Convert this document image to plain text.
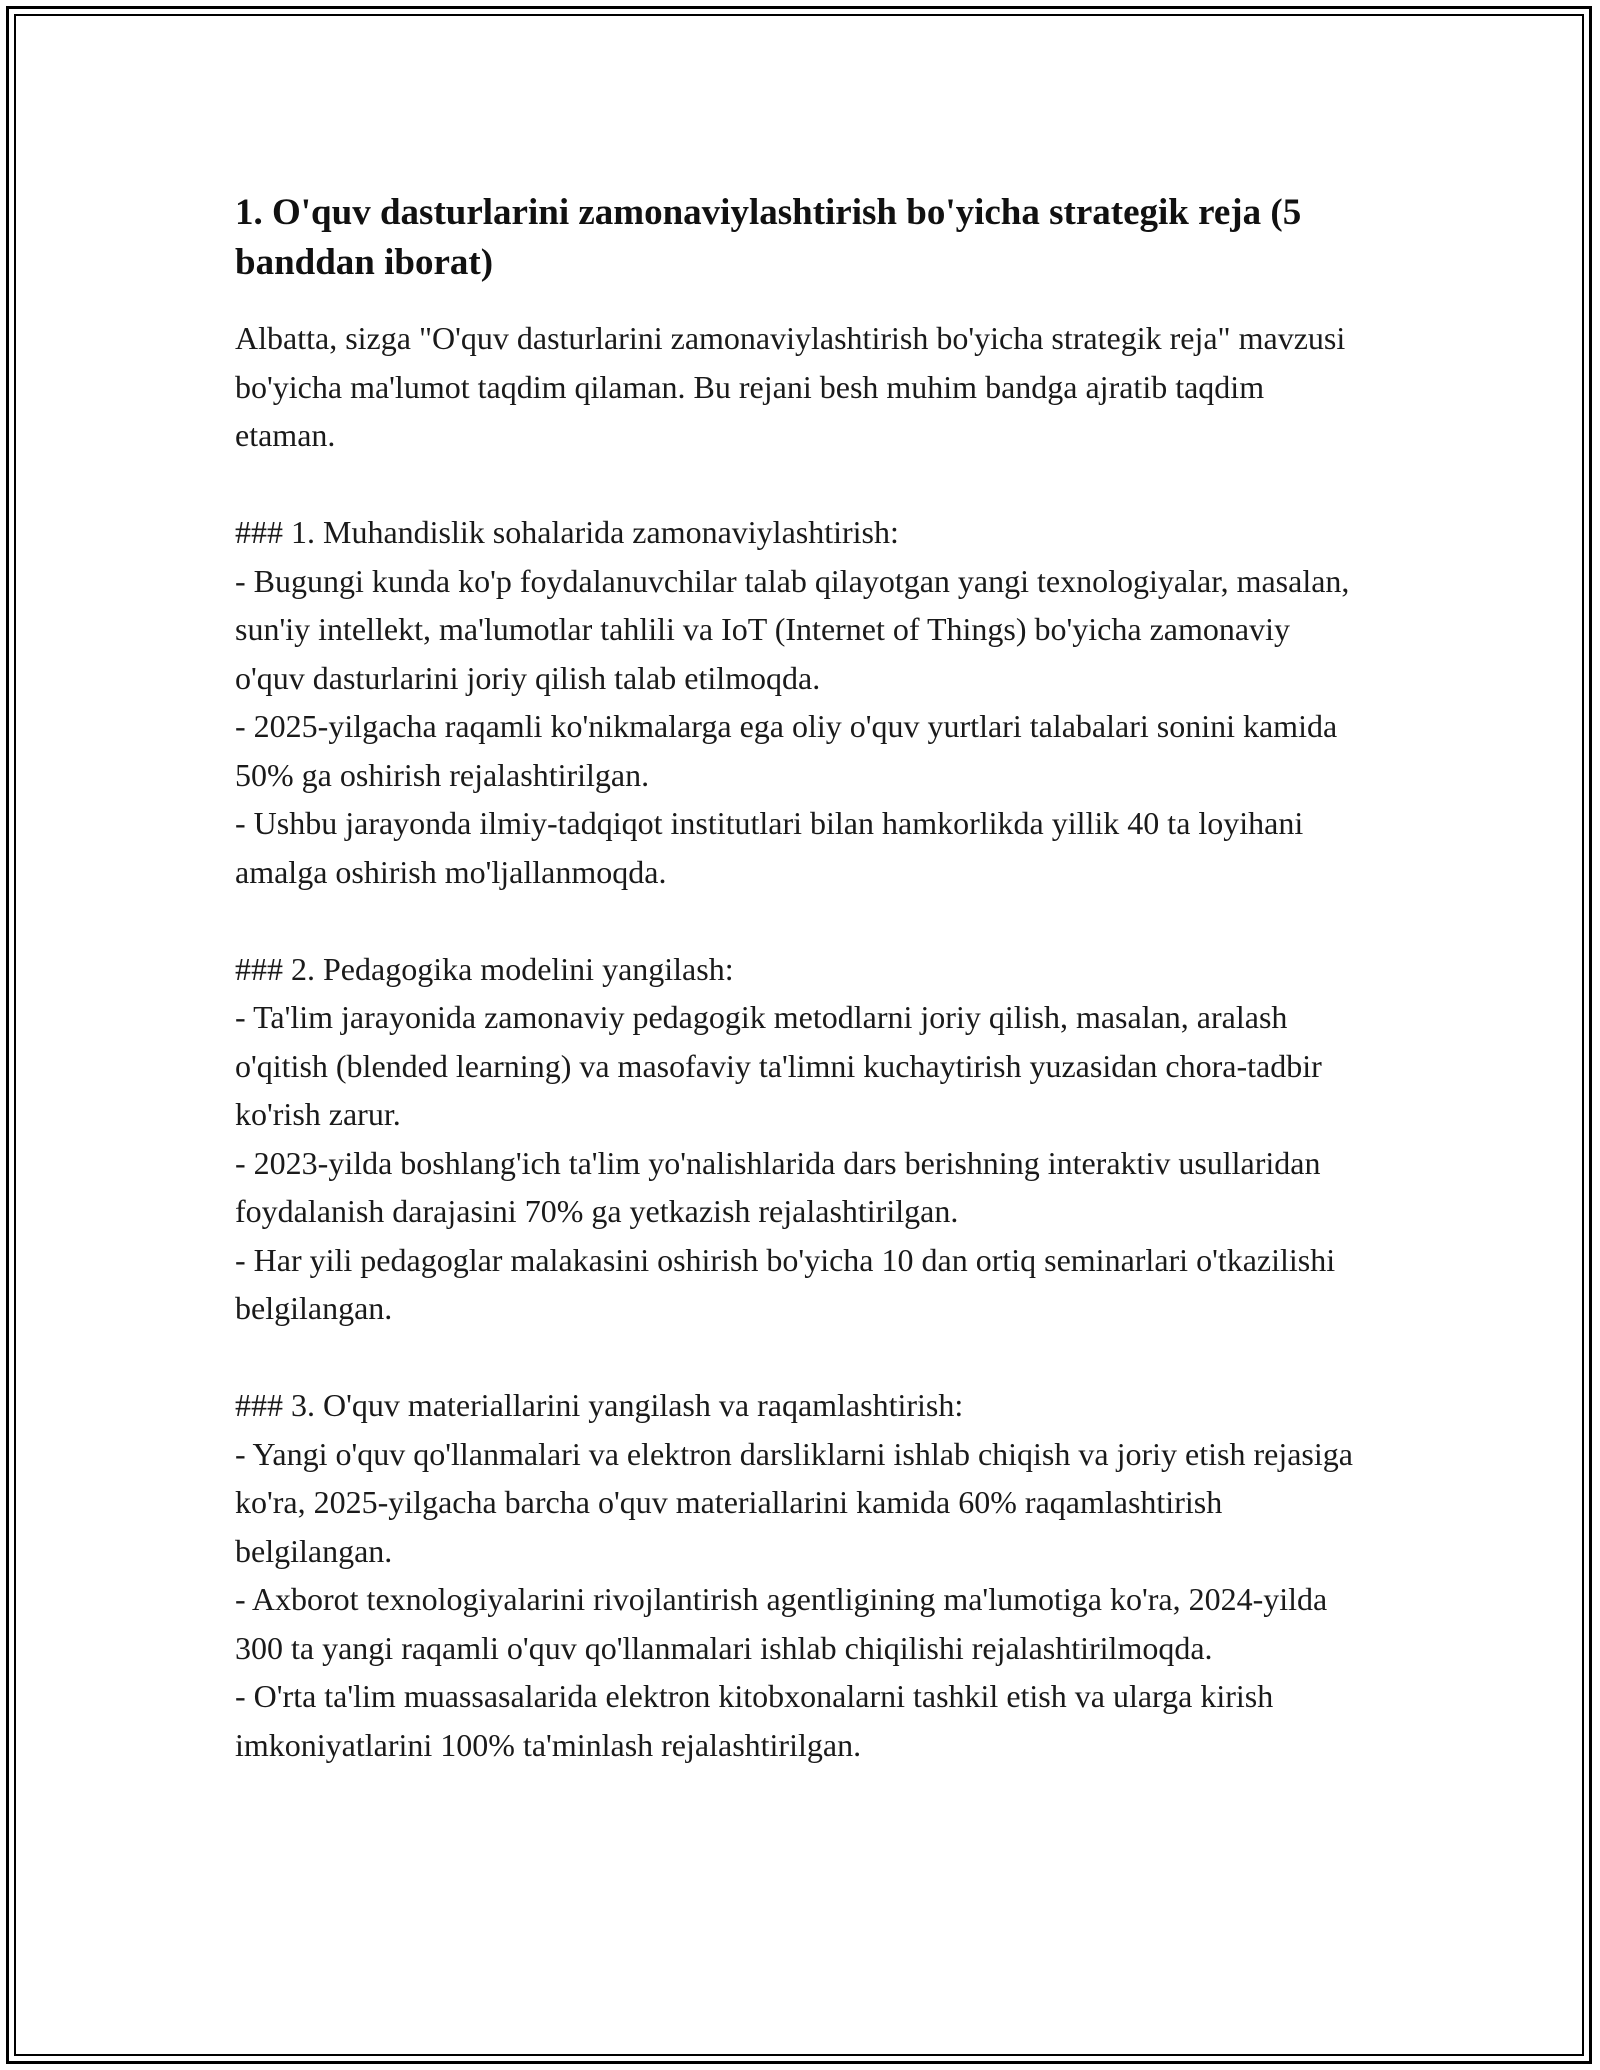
1. O'quv dasturlarini zamonaviylashtirish bo'yicha strategik reja (5 banddan iborat)

Albatta, sizga "O'quv dasturlarini zamonaviylashtirish bo'yicha strategik reja" mavzusi bo'yicha ma'lumot taqdim qilaman. Bu rejani besh muhim bandga ajratib taqdim etaman.

### 1. Muhandislik sohalarida zamonaviylashtirish:

- Bugungi kunda ko'p foydalanuvchilar talab qilayotgan yangi texnologiyalar, masalan, sun'iy intellekt, ma'lumotlar tahlili va IoT (Internet of Things) bo'yicha zamonaviy o'quv dasturlarini joriy qilish talab etilmoqda.

- 2025-yilgacha raqamli ko'nikmalarga ega oliy o'quv yurtlari talabalari sonini kamida 50% ga oshirish rejalashtirilgan.

- Ushbu jarayonda ilmiy-tadqiqot institutlari bilan hamkorlikda yillik 40 ta loyihani amalga oshirish mo'ljallanmoqda.

### 2. Pedagogika modelini yangilash:

- Ta'lim jarayonida zamonaviy pedagogik metodlarni joriy qilish, masalan, aralash o'qitish (blended learning) va masofaviy ta'limni kuchaytirish yuzasidan chora-tadbir ko'rish zarur.

- 2023-yilda boshlang'ich ta'lim yo'nalishlarida dars berishning interaktiv usullaridan foydalanish darajasini 70% ga yetkazish rejalashtirilgan.

- Har yili pedagoglar malakasini oshirish bo'yicha 10 dan ortiq seminarlari o'tkazilishi belgilangan.

### 3. O'quv materiallarini yangilash va raqamlashtirish:

- Yangi o'quv qo'llanmalari va elektron darsliklarni ishlab chiqish va joriy etish rejasiga ko'ra, 2025-yilgacha barcha o'quv materiallarini kamida 60% raqamlashtirish belgilangan.

- Axborot texnologiyalarini rivojlantirish agentligining ma'lumotiga ko'ra, 2024-yilda 300 ta yangi raqamli o'quv qo'llanmalari ishlab chiqilishi rejalashtirilmoqda.

- O'rta ta'lim muassasalarida elektron kitobxonalarni tashkil etish va ularga kirish imkoniyatlarini 100% ta'minlash rejalashtirilgan.
